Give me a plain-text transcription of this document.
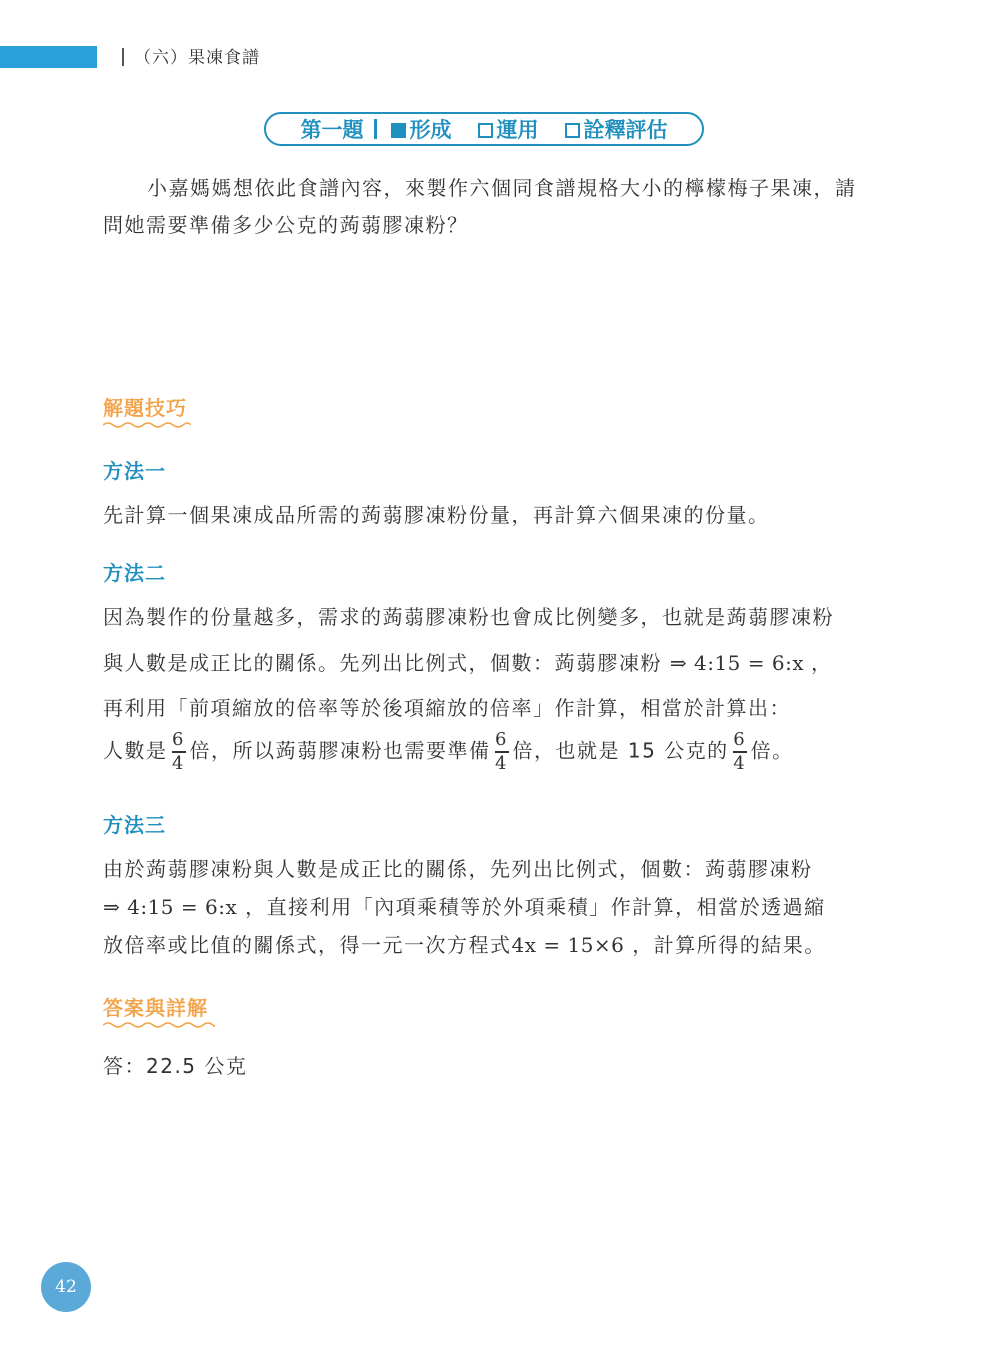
（六）果凍食譜
第一題	形成	運用	詮釋評估

小嘉媽媽想依此食譜內容，來製作六個同食譜規格大小的檸檬梅子果凍，請問她需要準備多少公克的蒟蒻膠凍粉？

解題技巧
方法一
先計算一個果凍成品所需的蒟蒻膠凍粉份量，再計算六個果凍的份量。
方法二
因為製作的份量越多，需求的蒟蒻膠凍粉也會成比例變多，也就是蒟蒻膠凍粉
與人數是成正比的關係。先列出比例式，個數：蒟蒻膠凍粉 ⇒ 4:15 = 6:x ，
再利用「前項縮放的倍率等於後項縮放的倍率」作計算，相當於計算出：
人數是 $\frac{6}{4}$ 倍，所以蒟蒻膠凍粉也需要準備 $\frac{6}{4}$ 倍，也就是 15 公克的 $\frac{6}{4}$ 倍。
方法三
由於蒟蒻膠凍粉與人數是成正比的關係，先列出比例式，個數：蒟蒻膠凍粉
⇒ 4:15 = 6:x ，直接利用「內項乘積等於外項乘積」作計算，相當於透過縮
放倍率或比值的關係式，得一元一次方程式4x = 15×6 ，計算所得的結果。
答案與詳解
答：22.5 公克
42
